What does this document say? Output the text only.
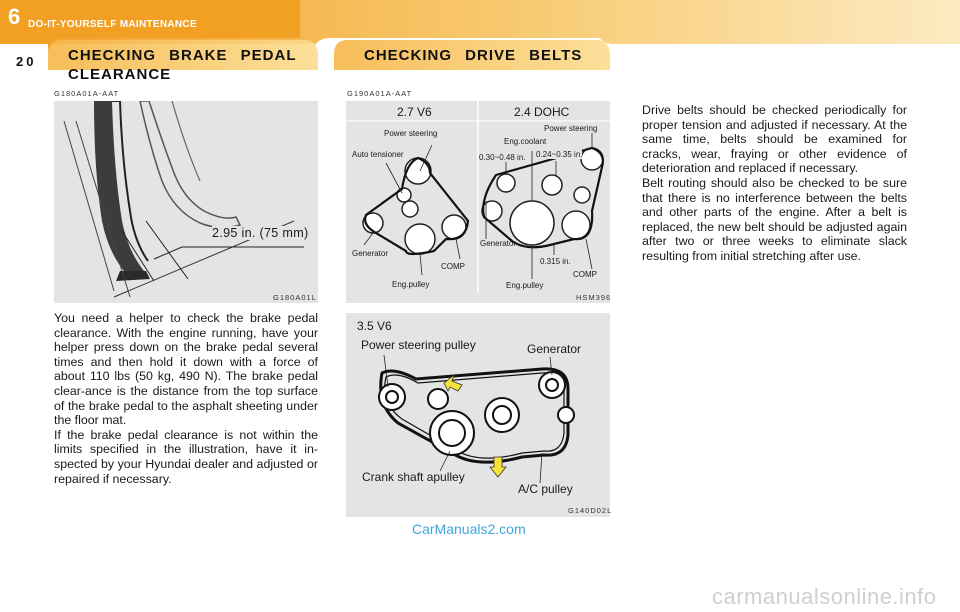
6 DO-IT-YOURSELF MAINTENANCE
20 CHECKING BRAKE PEDAL
CLEARANCE
CHECKING DRIVE BELTS
G180A01A-AAT
2.95 in. (75 mm)
G180A01L
You need a helper to check the brake pedal clearance. With the engine running, have your helper press down on the brake pedal several times and then hold it down with a force of about 110 lbs (50 kg, 490 N). The brake pedal clear-ance is the distance from the top surface of the brake pedal to the asphalt sheeting under the floor mat.
If the brake pedal clearance is not within the limits specified in the illustration, have it in-spected by your Hyundai dealer and adjusted or repaired if necessary.
G190A01A-AAT
2.7 V6	2.4 DOHC
Power steering
Auto tensioner
Generator
COMP
Eng.pulley
Power steering
Eng.coolant
0.30~0.48 in. 0.24~0.35 in.
Generator
0.315 in.
COMP
Eng.pulley
HSM396
3.5 V6
Power steering pulley	Generator
Crank shaft apulley
A/C pulley
G140D02L
CarManuals2.com
Drive belts should be checked periodically for proper tension and adjusted if necessary. At the same time, belts should be examined for cracks, wear, fraying or other evidence of deterioration and replaced if necessary.
Belt routing should also be checked to be sure that there is no interference between the belts and other parts of the engine. After a belt is replaced, the new belt should be adjusted again after two or three weeks to eliminate slack resulting from initial stretching after use.
carmanualsonline.info
